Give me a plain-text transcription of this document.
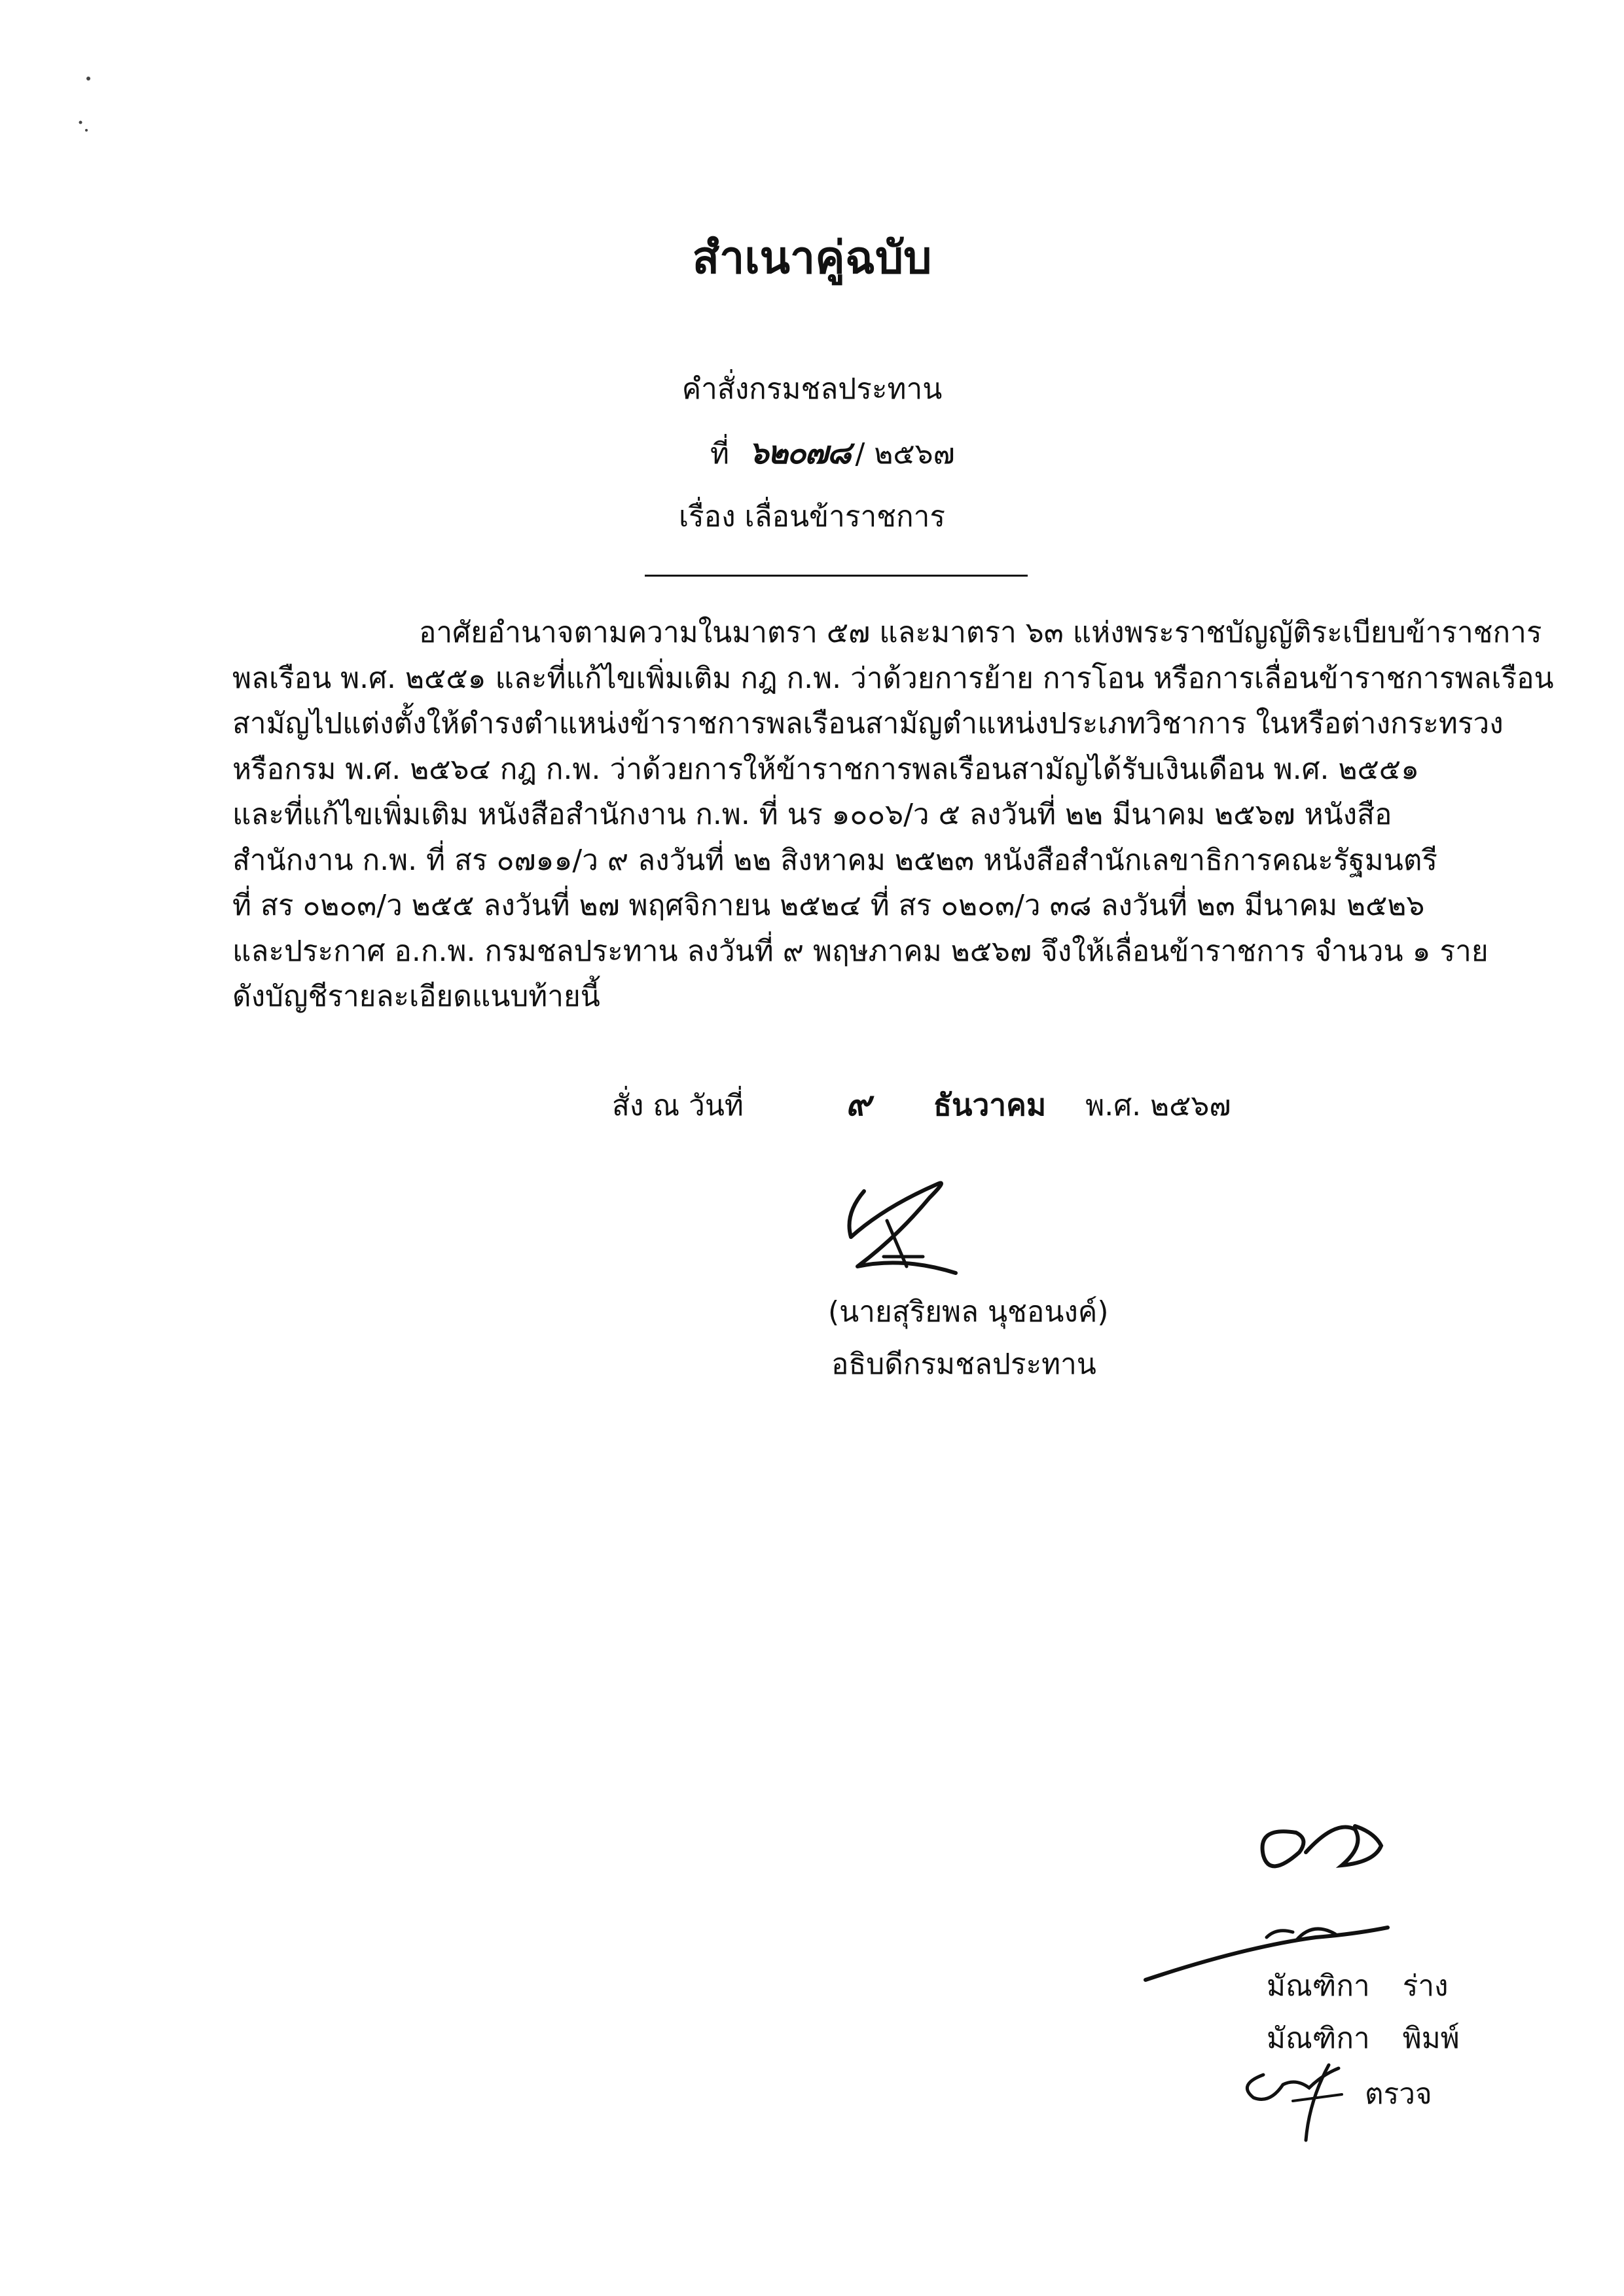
สำเนาคู่ฉบับ
คำสั่งกรมชลประทาน
ที่ ๖๒๐๗๘ / ๒๕๖๗
เรื่อง เลื่อนข้าราชการ
อาศัยอำนาจตามความในมาตรา ๕๗ และมาตรา ๖๓ แห่งพระราชบัญญัติระเบียบข้าราชการ
พลเรือน พ.ศ. ๒๕๕๑ และที่แก้ไขเพิ่มเติม กฎ ก.พ. ว่าด้วยการย้าย การโอน หรือการเลื่อนข้าราชการพลเรือน
สามัญไปแต่งตั้งให้ดำรงตำแหน่งข้าราชการพลเรือนสามัญตำแหน่งประเภทวิชาการ ในหรือต่างกระทรวง
หรือกรม พ.ศ. ๒๕๖๔ กฎ ก.พ. ว่าด้วยการให้ข้าราชการพลเรือนสามัญได้รับเงินเดือน พ.ศ. ๒๕๕๑
และที่แก้ไขเพิ่มเติม หนังสือสำนักงาน ก.พ. ที่ นร ๑๐๐๖/ว ๕ ลงวันที่ ๒๒ มีนาคม ๒๕๖๗ หนังสือ
สำนักงาน ก.พ. ที่ สร ๐๗๑๑/ว ๙ ลงวันที่ ๒๒ สิงหาคม ๒๕๒๓ หนังสือสำนักเลขาธิการคณะรัฐมนตรี
ที่ สร ๐๒๐๓/ว ๒๕๕ ลงวันที่ ๒๗ พฤศจิกายน ๒๕๒๔ ที่ สร ๐๒๐๓/ว ๓๘ ลงวันที่ ๒๓ มีนาคม ๒๕๒๖
และประกาศ อ.ก.พ. กรมชลประทาน ลงวันที่ ๙ พฤษภาคม ๒๕๖๗ จึงให้เลื่อนข้าราชการ จำนวน ๑ ราย
ดังบัญชีรายละเอียดแนบท้ายนี้
สั่ง ณ วันที่	๙ ธันวาคม พ.ศ. ๒๕๖๗
(นายสุริยพล นุชอนงค์)
อธิบดีกรมชลประทาน
มัณฑิกา ร่าง
มัณฑิกา พิมพ์
ตรวจ
